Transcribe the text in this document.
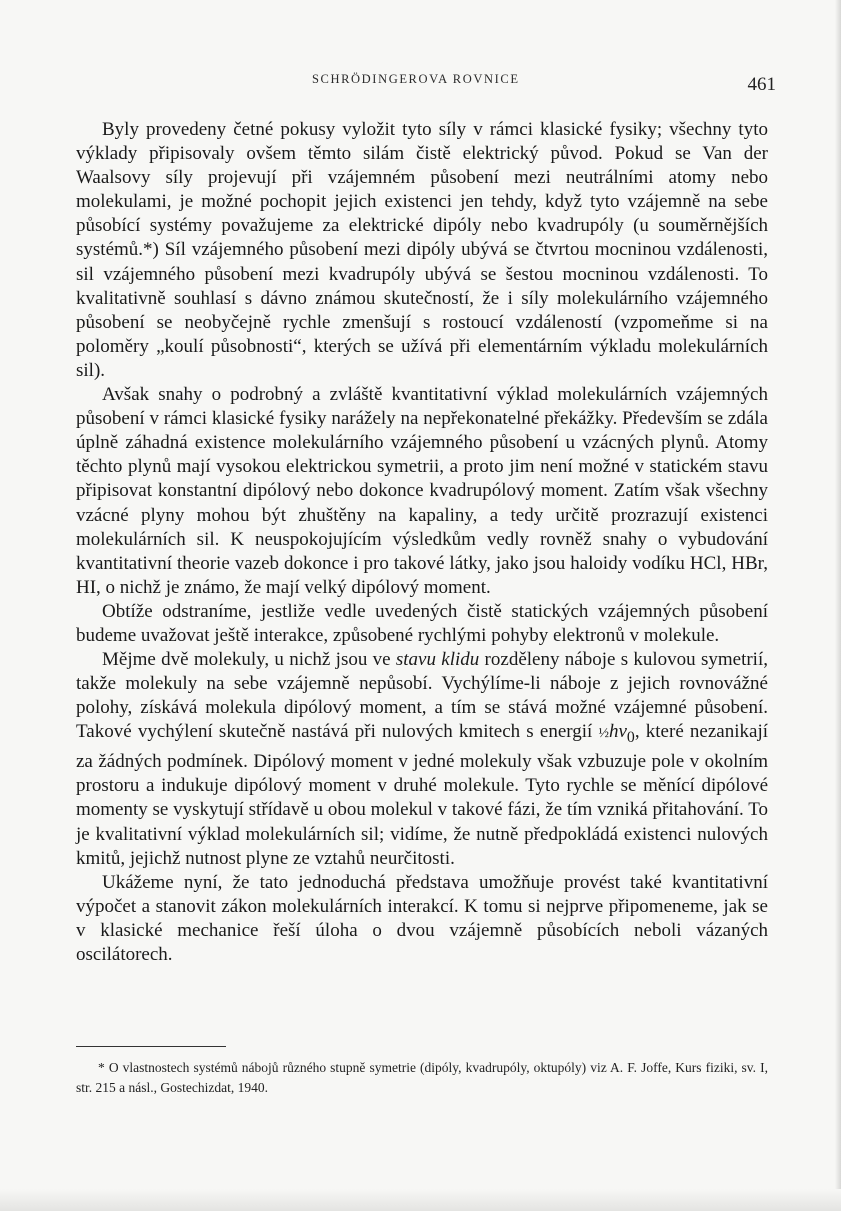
SCHRÖDINGEROVA ROVNICE	461

Byly provedeny četné pokusy vyložit tyto síly v rámci klasické fysiky; všechny tyto výklady připisovaly ovšem těmto silám čistě elektrický původ. Pokud se Van der Waalsovy síly projevují při vzájemném působení mezi neutrálními atomy nebo molekulami, je možné pochopit jejich existenci jen tehdy, když tyto vzájemně na sebe působící systémy považujeme za elektrické dipóly nebo kvadrupóly (u souměrnějších systémů.*) Síl vzájemného působení mezi dipóly ubývá se čtvrtou mocninou vzdálenosti, sil vzájemného působení mezi kvadrupóly ubývá se šestou mocninou vzdálenosti. To kvalitativně souhlasí s dávno známou skutečností, že i síly molekulárního vzájemného působení se neobyčejně rychle zmenšují s rostoucí vzdáleností (vzpomeňme si na poloměry „koulí působnosti“, kterých se užívá při elementárním výkladu molekulárních sil).

Avšak snahy o podrobný a zvláště kvantitativní výklad molekulárních vzájemných působení v rámci klasické fysiky narážely na nepřekonatelné překážky. Především se zdála úplně záhadná existence molekulárního vzájemného působení u vzácných plynů. Atomy těchto plynů mají vysokou elektrickou symetrii, a proto jim není možné v statickém stavu připisovat konstantní dipólový nebo dokonce kvadrupólový moment. Zatím však všechny vzácné plyny mohou být zhuštěny na kapaliny, a tedy určitě prozrazují existenci molekulárních sil. K neuspokojujícím výsledkům vedly rovněž snahy o vybudování kvantitativní theorie vazeb dokonce i pro takové látky, jako jsou haloidy vodíku HCl, HBr, HI, o nichž je známo, že mají velký dipólový moment.

Obtíže odstraníme, jestliže vedle uvedených čistě statických vzájemných působení budeme uvažovat ještě interakce, způsobené rychlými pohyby elektronů v molekule.

Mějme dvě molekuly, u nichž jsou ve stavu klidu rozděleny náboje s kulovou symetrií, takže molekuly na sebe vzájemně nepůsobí. Vychýlíme-li náboje z jejich rovnovážné polohy, získává molekula dipólový moment, a tím se stává možné vzájemné působení. Takové vychýlení skutečně nastává při nulových kmitech s energií $\frac{1}{2}h\nu_0$, které nezanikají za žádných podmínek. Dipólový moment v jedné molekuly však vzbuzuje pole v okolním prostoru a indukuje dipólový moment v druhé molekule. Tyto rychle se měnící dipólové momenty se vyskytují střídavě u obou molekul v takové fázi, že tím vzniká přitahování. To je kvalitativní výklad molekulárních sil; vidíme, že nutně předpokládá existenci nulových kmitů, jejichž nutnost plyne ze vztahů neurčitosti.

Ukážeme nyní, že tato jednoduchá představa umožňuje provést také kvantitativní výpočet a stanovit zákon molekulárních interakcí. K tomu si nejprve připomeneme, jak se v klasické mechanice řeší úloha o dvou vzájemně působících neboli vázaných oscilátorech.

* O vlastnostech systémů nábojů různého stupně symetrie (dipóly, kvadrupóly, oktupóly) viz A. F. Joffe, Kurs fiziki, sv. I, str. 215 a násl., Gostechizdat, 1940.
